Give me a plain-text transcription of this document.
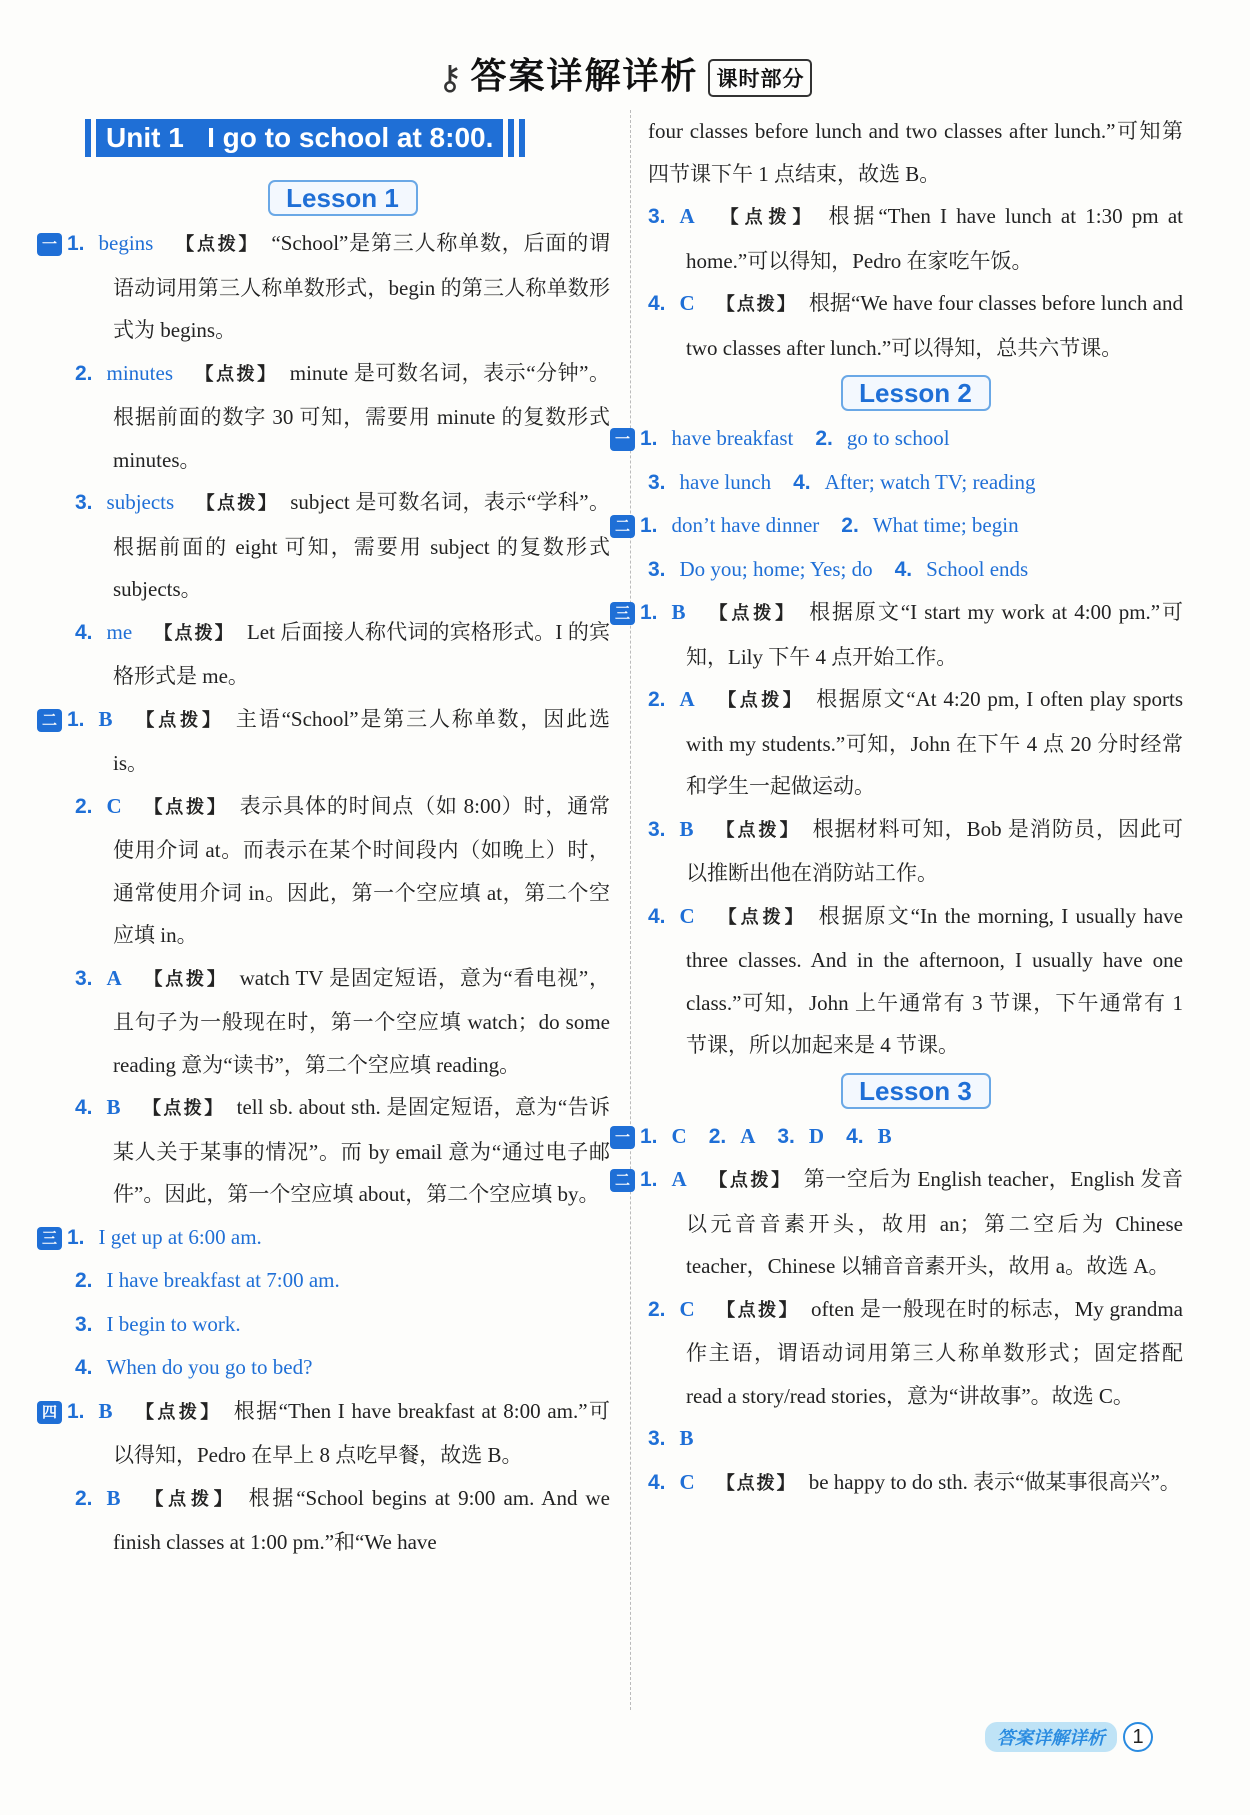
⚷ 答案详解详析 课时部分
Unit 1   I go to school at 8:00.
Lesson 1
一 1. begins 【点拨】 “School”是第三人称单数，后面的谓语动词用第三人称单数形式，begin 的第三人称单数形式为 begins。
2. minutes 【点拨】 minute 是可数名词，表示“分钟”。根据前面的数字 30 可知，需要用 minute 的复数形式 minutes。
3. subjects 【点拨】 subject 是可数名词，表示“学科”。根据前面的 eight 可知，需要用 subject 的复数形式 subjects。
4. me 【点拨】 Let 后面接人称代词的宾格形式。I 的宾格形式是 me。
二 1. B 【点拨】 主语“School”是第三人称单数，因此选 is。
2. C 【点拨】 表示具体的时间点（如 8:00）时，通常使用介词 at。而表示在某个时间段内（如晚上）时，通常使用介词 in。因此，第一个空应填 at，第二个空应填 in。
3. A 【点拨】 watch TV 是固定短语，意为“看电视”，且句子为一般现在时，第一个空应填 watch；do some reading 意为“读书”，第二个空应填 reading。
4. B 【点拨】 tell sb. about sth. 是固定短语，意为“告诉某人关于某事的情况”。而 by email 意为“通过电子邮件”。因此，第一个空应填 about，第二个空应填 by。
三 1. I get up at 6:00 am.
2. I have breakfast at 7:00 am.
3. I begin to work.
4. When do you go to bed?
四 1. B 【点拨】 根据“Then I have breakfast at 8:00 am.”可以得知，Pedro 在早上 8 点吃早餐，故选 B。
2. B 【点拨】 根据“School begins at 9:00 am. And we finish classes at 1:00 pm.”和“We have
four classes before lunch and two classes after lunch.”可知第四节课下午 1 点结束，故选 B。
3. A 【点拨】 根据“Then I have lunch at 1:30 pm at home.”可以得知，Pedro 在家吃午饭。
4. C 【点拨】 根据“We have four classes before lunch and two classes after lunch.”可以得知，总共六节课。
Lesson 2
一 1. have breakfast 2. go to school
3. have lunch 4. After; watch TV; reading
二 1. don’t have dinner 2. What time; begin
3. Do you; home; Yes; do 4. School ends
三 1. B 【点拨】 根据原文“I start my work at 4:00 pm.”可知，Lily 下午 4 点开始工作。
2. A 【点拨】 根据原文“At 4:20 pm, I often play sports with my students.”可知，John 在下午 4 点 20 分时经常和学生一起做运动。
3. B 【点拨】 根据材料可知，Bob 是消防员，因此可以推断出他在消防站工作。
4. C 【点拨】 根据原文“In the morning, I usually have three classes. And in the afternoon, I usually have one class.”可知，John 上午通常有 3 节课，下午通常有 1 节课，所以加起来是 4 节课。
Lesson 3
一 1. C 2. A 3. D 4. B
二 1. A 【点拨】 第一空后为 English teacher，English 发音以元音音素开头，故用 an；第二空后为 Chinese teacher，Chinese 以辅音音素开头，故用 a。故选 A。
2. C 【点拨】 often 是一般现在时的标志，My grandma 作主语，谓语动词用第三人称单数形式；固定搭配 read a story/read stories，意为“讲故事”。故选 C。
3. B
4. C 【点拨】 be happy to do sth. 表示“做某事很高兴”。
答案详解详析	1
